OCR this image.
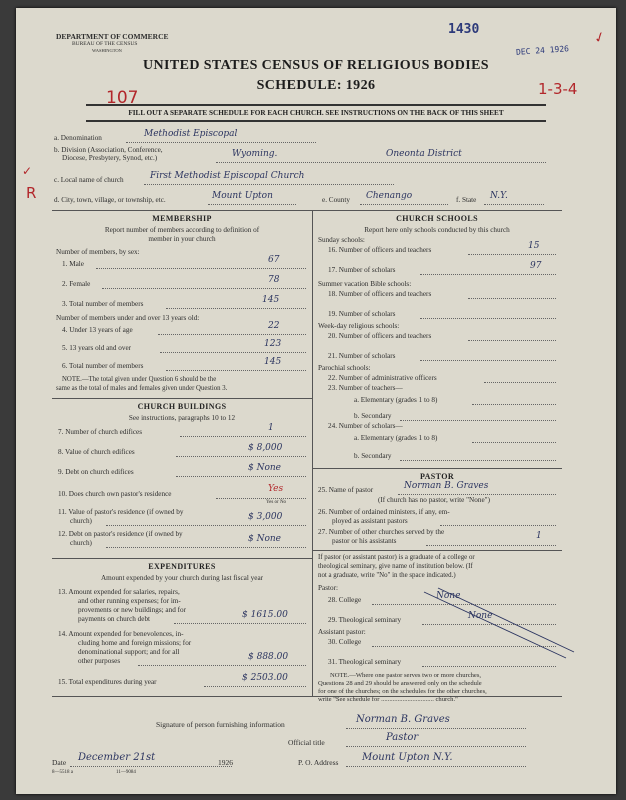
DEPARTMENT OF COMMERCE
BUREAU OF THE CENSUS
WASHINGTON
1430
DEC 24 1926
✓
UNITED STATES CENSUS OF RELIGIOUS BODIES
SCHEDULE: 1926
107	1-3-4
FILL OUT A SEPARATE SCHEDULE FOR EACH CHURCH. SEE INSTRUCTIONS ON THE BACK OF THIS SHEET
a. Denomination	Methodist Episcopal
b. Division (Association, Conference,
Diocese, Presbytery, Synod, etc.)	Wyoming.	Oneonta District
✓
R
c. Local name of church	First Methodist Episcopal Church
d. City, town, village, or township, etc.	Mount Upton	e. County Chenango	f. State N.Y.
MEMBERSHIP
Report number of members according to definition of
member in your church
Number of members, by sex:
1. Male	67
2. Female	78
3. Total number of members	145
Number of members under and over 13 years old:
4. Under 13 years of age	22
5. 13 years old and over	123
6. Total number of members	145
NOTE.—The total given under Question 6 should be the
same as the total of males and females given under Question 3.
CHURCH BUILDINGS
See instructions, paragraphs 10 to 12
7. Number of church edifices	1
8. Value of church edifices	$ 8,000
9. Debt on church edifices	$ None
10. Does church own pastor's residence	Yes
Yes or No
11. Value of pastor's residence (if owned by
church)	$ 3,000
12. Debt on pastor's residence (if owned by
church)	$ None
EXPENDITURES
Amount expended by your church during last fiscal year
13. Amount expended for salaries, repairs,
and other running expenses; for im-
provements or new buildings; and for
payments on church debt	$ 1615.00
14. Amount expended for benevolences, in-
cluding home and foreign missions; for
denominational support; and for all
other purposes	$ 888.00
15. Total expenditures during year	$ 2503.00
CHURCH SCHOOLS
Report here only schools conducted by this church
Sunday schools:
16. Number of officers and teachers	15
17. Number of scholars	97
Summer vacation Bible schools:
18. Number of officers and teachers
19. Number of scholars
Week-day religious schools:
20. Number of officers and teachers
21. Number of scholars
Parochial schools:
22. Number of administrative officers
23. Number of teachers—
a. Elementary (grades 1 to 8)
b. Secondary
24. Number of scholars—
a. Elementary (grades 1 to 8)
b. Secondary
PASTOR
25. Name of pastor	Norman B. Graves
(If church has no pastor, write "None")
26. Number of ordained ministers, if any, em-
ployed as assistant pastors
27. Number of other churches served by the
pastor or his assistants	1
If pastor (or assistant pastor) is a graduate of a college or
theological seminary, give name of institution below. (If
not a graduate, write "No" in the space indicated.)
Pastor:
28. College	None
29. Theological seminary	None
Assistant pastor:
30. College
31. Theological seminary
NOTE.—Where one pastor serves two or more churches,
Questions 28 and 29 should be answered only on the schedule
for one of the churches; on the schedules for the other churches,
write "See schedule for ................................ church."
Signature of person furnishing information	Norman B. Graves
Official title	Pastor
Date December 21st	1926	P. O. Address Mount Upton N.Y.
8—5518 a	11—9084
